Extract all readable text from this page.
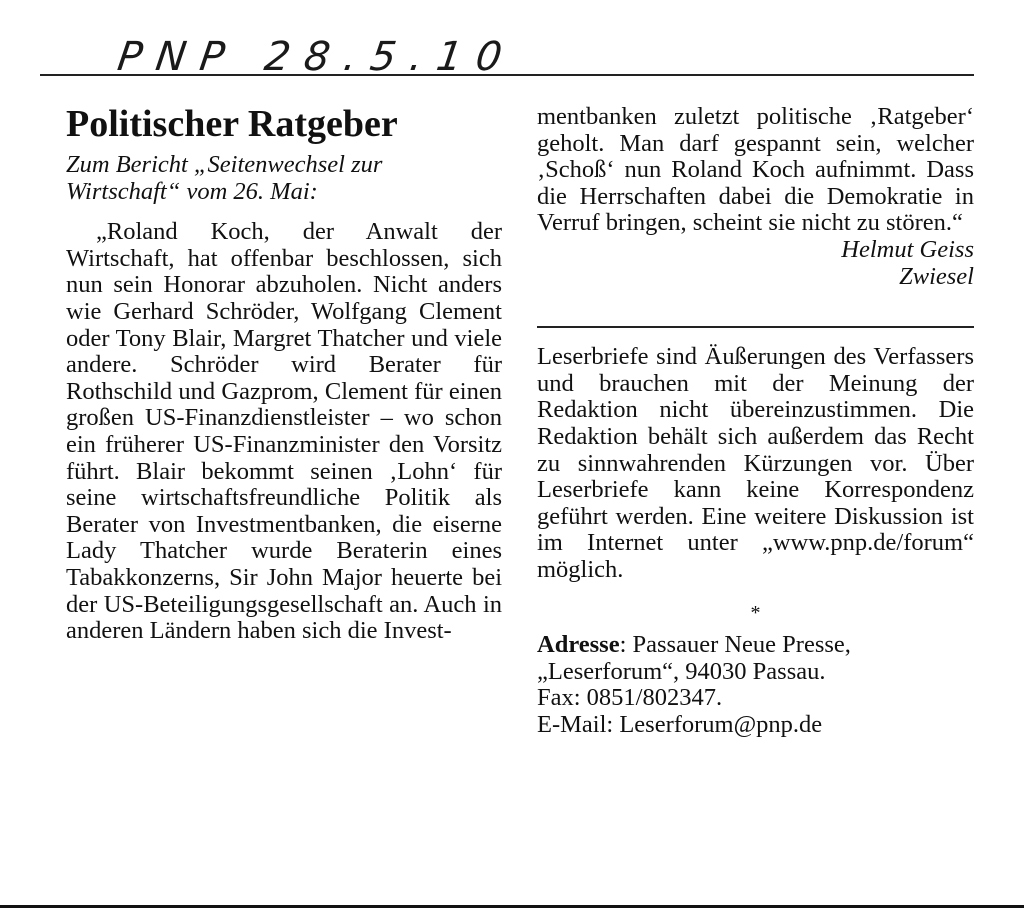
PNP 28.5.10
Politischer Ratgeber

Zum Bericht „Seitenwechsel zur Wirtschaft“ vom 26. Mai:

„Roland Koch, der Anwalt der Wirtschaft, hat offenbar beschlossen, sich nun sein Honorar abzuholen. Nicht anders wie Gerhard Schröder, Wolfgang Clement oder Tony Blair, Margret Thatcher und viele andere. Schröder wird Berater für Rothschild und Gazprom, Clement für einen großen US-Finanzdienstleister – wo schon ein früherer US-Finanzminister den Vorsitz führt. Blair bekommt seinen ‚Lohn‘ für seine wirtschaftsfreundliche Politik als Berater von Investmentbanken, die eiserne Lady Thatcher wurde Beraterin eines Tabakkonzerns, Sir John Major heuerte bei der US-Beteiligungsgesellschaft an. Auch in anderen Ländern haben sich die Invest-

mentbanken zuletzt politische ‚Ratgeber‘ geholt. Man darf gespannt sein, welcher ‚Schoß‘ nun Roland Koch aufnimmt. Dass die Herrschaften dabei die Demokratie in Verruf bringen, scheint sie nicht zu stören.“
Helmut Geiss

Zwiesel

Leserbriefe sind Äußerungen des Verfassers und brauchen mit der Meinung der Redaktion nicht übereinzustimmen. Die Redaktion behält sich außerdem das Recht zu sinnwahrenden Kürzungen vor. Über Leserbriefe kann keine Korrespondenz geführt werden. Eine weitere Diskussion ist im Internet unter „www.pnp.de/forum“ möglich.

*

Adresse: Passauer Neue Presse, „Leserforum“, 94030 Passau.
Fax: 0851/802347.
E-Mail: Leserforum@pnp.de
